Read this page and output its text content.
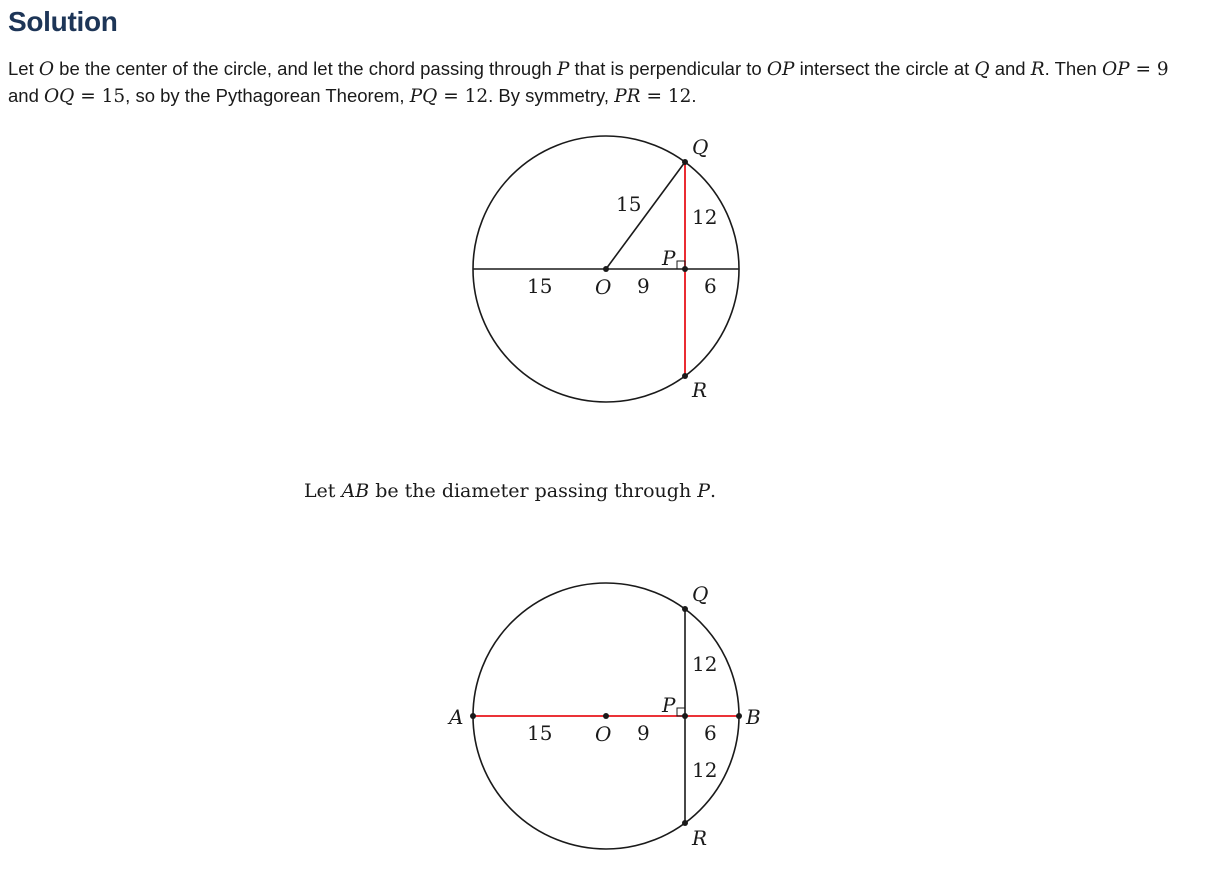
Solution

Let O be the center of the circle, and let the chord passing through P that is perpendicular to OP intersect the circle at Q and R. Then OP = 9
and OQ = 15, so by the Pythagorean Theorem, PQ = 12. By symmetry, PR = 12.

Q
R
P
O
15
12
15	9	6
Let AB be the diameter passing through P.
A	B
Q
R
P
O
12
12
15	9	6
